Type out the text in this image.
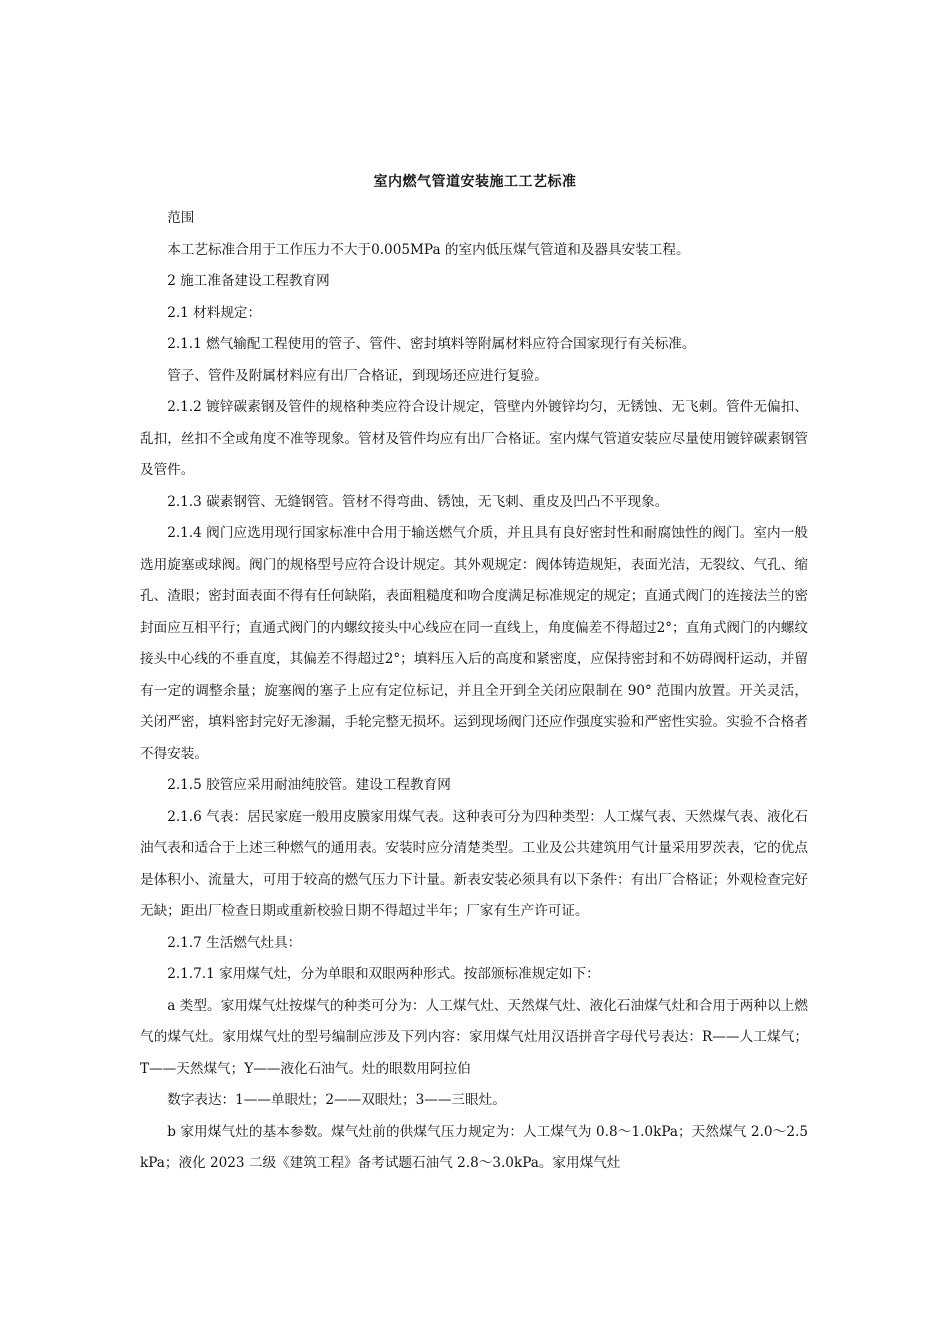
室内燃气管道安装施工工艺标准

范围

本工艺标准合用于工作压力不大于0.005MPa 的室内低压煤气管道和及器具安装工程。

2 施工准备建设工程教育网

2.1 材料规定：

2.1.1 燃气输配工程使用的管子、管件、密封填料等附属材料应符合国家现行有关标准。

管子、管件及附属材料应有出厂合格证，到现场还应进行复验。

2.1.2 镀锌碳素钢及管件的规格种类应符合设计规定，管壁内外镀锌均匀，无锈蚀、无飞刺。管件无偏扣、乱扣，丝扣不全或角度不准等现象。管材及管件均应有出厂合格证。室内煤气管道安装应尽量使用镀锌碳素钢管及管件。

2.1.3 碳素钢管、无缝钢管。管材不得弯曲、锈蚀，无飞刺、重皮及凹凸不平现象。

2.1.4 阀门应选用现行国家标准中合用于输送燃气介质，并且具有良好密封性和耐腐蚀性的阀门。室内一般选用旋塞或球阀。阀门的规格型号应符合设计规定。其外观规定：阀体铸造规矩，表面光洁，无裂纹、气孔、缩孔、渣眼；密封面表面不得有任何缺陷，表面粗糙度和吻合度满足标准规定的规定；直通式阀门的连接法兰的密封面应互相平行；直通式阀门的内螺纹接头中心线应在同一直线上，角度偏差不得超过2°；直角式阀门的内螺纹接头中心线的不垂直度，其偏差不得超过2°；填料压入后的高度和紧密度，应保持密封和不妨碍阀杆运动，并留有一定的调整余量；旋塞阀的塞子上应有定位标记，并且全开到全关闭应限制在 90° 范围内放置。开关灵活，关闭严密，填料密封完好无渗漏，手轮完整无损坏。运到现场阀门还应作强度实验和严密性实验。实验不合格者不得安装。

2.1.5 胶管应采用耐油纯胶管。建设工程教育网

2.1.6 气表：居民家庭一般用皮膜家用煤气表。这种表可分为四种类型：人工煤气表、天然煤气表、液化石油气表和适合于上述三种燃气的通用表。安装时应分清楚类型。工业及公共建筑用气计量采用罗茨表，它的优点是体积小、流量大，可用于较高的燃气压力下计量。新表安装必须具有以下条件：有出厂合格证；外观检查完好无缺；距出厂检查日期或重新校验日期不得超过半年；厂家有生产许可证。

2.1.7 生活燃气灶具：

2.1.7.1 家用煤气灶，分为单眼和双眼两种形式。按部颁标准规定如下：

a 类型。家用煤气灶按煤气的种类可分为：人工煤气灶、天然煤气灶、液化石油煤气灶和合用于两种以上燃气的煤气灶。家用煤气灶的型号编制应涉及下列内容：家用煤气灶用汉语拼音字母代号表达：R——人工煤气；T——天然煤气；Y——液化石油气。灶的眼数用阿拉伯

数字表达：1——单眼灶；2——双眼灶；3——三眼灶。

b 家用煤气灶的基本参数。煤气灶前的供煤气压力规定为：人工煤气为 0.8～1.0kPa；天然煤气 2.0～2.5kPa；液化 2023 二级《建筑工程》备考试题石油气 2.8～3.0kPa。家用煤气灶
